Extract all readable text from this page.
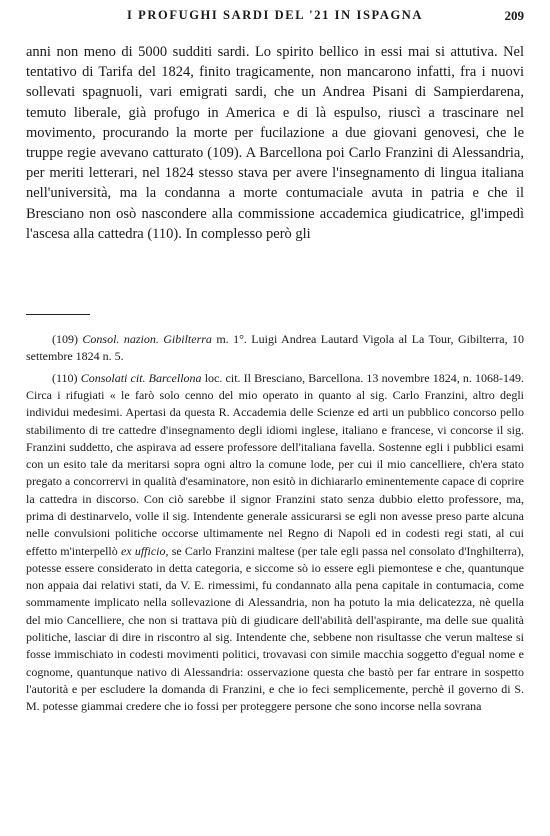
I PROFUGHI SARDI DEL '21 IN ISPAGNA	209
anni non meno di 5000 sudditi sardi. Lo spirito bellico in essi mai si attutiva. Nel tentativo di Tarifa del 1824, finito tragicamente, non mancarono infatti, fra i nuovi sollevati spagnuoli, vari emigrati sardi, che un Andrea Pisani di Sampierdarena, temuto liberale, già profugo in America e di là espulso, riuscì a trascinare nel movimento, procurando la morte per fucilazione a due giovani genovesi, che le truppe regie avevano catturato (109). A Barcellona poi Carlo Franzini di Alessandria, per meriti letterari, nel 1824 stesso stava per avere l'insegnamento di lingua italiana nell'università, ma la condanna a morte contumaciale avuta in patria e che il Bresciano non osò nascondere alla commissione accademica giudicatrice, gl'impedì l'ascesa alla cattedra (110). In complesso però gli

(109) Consol. nazion. Gibilterra m. 1°. Luigi Andrea Lautard Vigola al La Tour, Gibilterra, 10 settembre 1824 n. 5.

(110) Consolati cit. Barcellona loc. cit. Il Bresciano, Barcellona. 13 novembre 1824, n. 1068-149. Circa i rifugiati « le farò solo cenno del mio operato in quanto al sig. Carlo Franzini, altro degli individui medesimi. Apertasi da questa R. Accademia delle Scienze ed arti un pubblico concorso pello stabilimento di tre cattedre d'insegnamento degli idiomi inglese, italiano e francese, vi concorse il sig. Franzini suddetto, che aspirava ad essere professore dell'italiana favella. Sostenne egli i pubblici esami con un esito tale da meritarsi sopra ogni altro la comune lode, per cui il mio cancelliere, ch'era stato pregato a concorrervi in qualità d'esaminatore, non esitò in dichiararlo eminentemente capace di coprire la cattedra in discorso. Con ciò sarebbe il signor Franzini stato senza dubbio eletto professore, ma, prima di destinarvelo, volle il sig. Intendente generale assicurarsi se egli non avesse preso parte alcuna nelle convulsioni politiche occorse ultimamente nel Regno di Napoli ed in codesti regi stati, al cui effetto m'interpellò ex ufficio, se Carlo Franzini maltese (per tale egli passa nel consolato d'Inghilterra), potesse essere considerato in detta categoria, e siccome sò io essere egli piemontese e che, quantunque non appaia dai relativi stati, da V. E. rimessimi, fu condannato alla pena capitale in contumacia, come sommamente implicato nella sollevazione di Alessandria, non ha potuto la mia delicatezza, nè quella del mio Cancelliere, che non si trattava più di giudicare dell'abilità dell'aspirante, ma delle sue qualità politiche, lasciar di dire in riscontro al sig. Intendente che, sebbene non risultasse che verun maltese si fosse immischiato in codesti movimenti politici, trovavasi con simile macchia soggetto d'egual nome e cognome, quantunque nativo di Alessandria: osservazione questa che bastò per far entrare in sospetto l'autorità e per escludere la domanda di Franzini, e che io feci semplicemente, perchè il governo di S. M. potesse giammai credere che io fossi per proteggere persone che sono incorse nella sovrana
